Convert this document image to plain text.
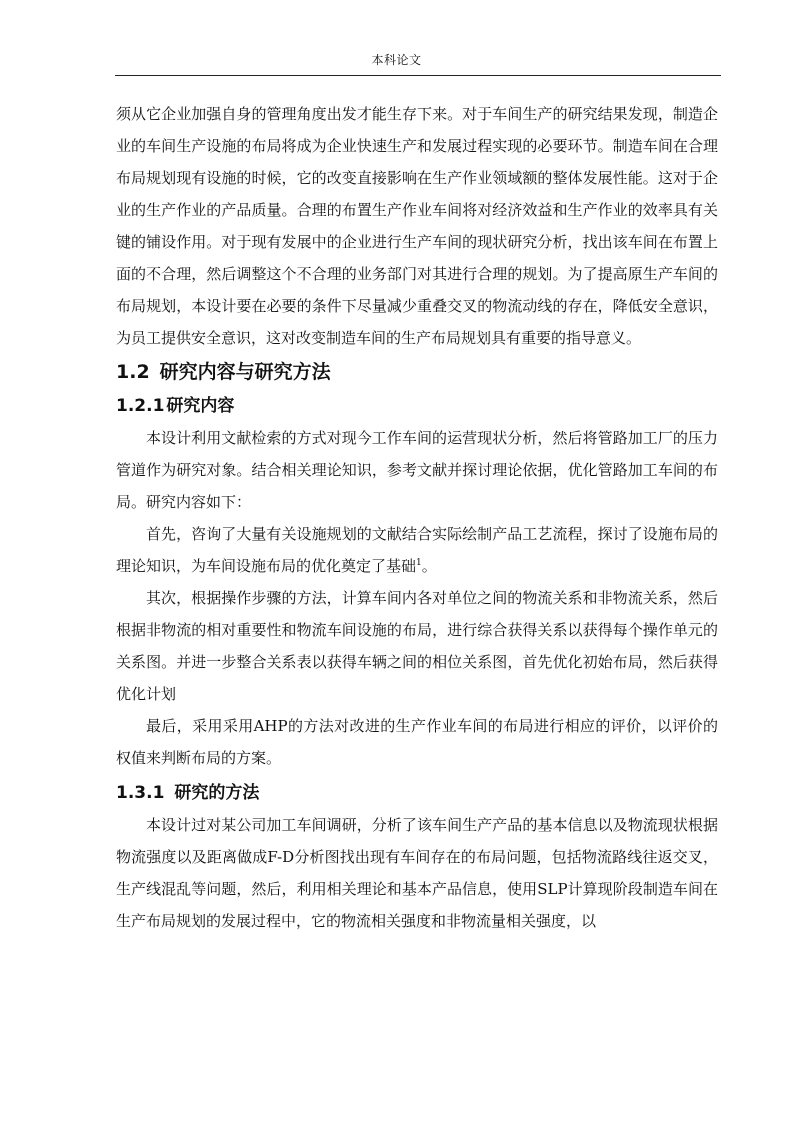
本科论文

须从它企业加强自身的管理角度出发才能生存下来。对于车间生产的研究结果发现，制造企业的车间生产设施的布局将成为企业快速生产和发展过程实现的必要环节。制造车间在合理布局规划现有设施的时候，它的改变直接影响在生产作业领域额的整体发展性能。这对于企业的生产作业的产品质量。合理的布置生产作业车间将对经济效益和生产作业的效率具有关键的铺设作用。对于现有发展中的企业进行生产车间的现状研究分析，找出该车间在布置上面的不合理，然后调整这个不合理的业务部门对其进行合理的规划。为了提高原生产车间的布局规划，本设计要在必要的条件下尽量减少重叠交叉的物流动线的存在，降低安全意识，为员工提供安全意识，这对改变制造车间的生产布局规划具有重要的指导意义。

1.2 研究内容与研究方法
1.2.1 研究内容

本设计利用文献检索的方式对现今工作车间的运营现状分析，然后将管路加工厂的压力管道作为研究对象。结合相关理论知识，参考文献并探讨理论依据，优化管路加工车间的布局。研究内容如下：

首先，咨询了大量有关设施规划的文献结合实际绘制产品工艺流程，探讨了设施布局的理论知识，为车间设施布局的优化奠定了基础$^1$。

其次，根据操作步骤的方法，计算车间内各对单位之间的物流关系和非物流关系，然后根据非物流的相对重要性和物流车间设施的布局，进行综合获得关系以获得每个操作单元的关系图。并进一步整合关系表以获得车辆之间的相位关系图，首先优化初始布局，然后获得优化计划

最后，采用采用AHP的方法对改进的生产作业车间的布局进行相应的评价，以评价的权值来判断布局的方案。

1.3.1 研究的方法

本设计过对某公司加工车间调研，分析了该车间生产产品的基本信息以及物流现状根据物流强度以及距离做成F-D分析图找出现有车间存在的布局问题，包括物流路线往返交叉，生产线混乱等问题，然后，利用相关理论和基本产品信息，使用SLP计算现阶段制造车间在生产布局规划的发展过程中，它的物流相关强度和非物流量相关强度，以
